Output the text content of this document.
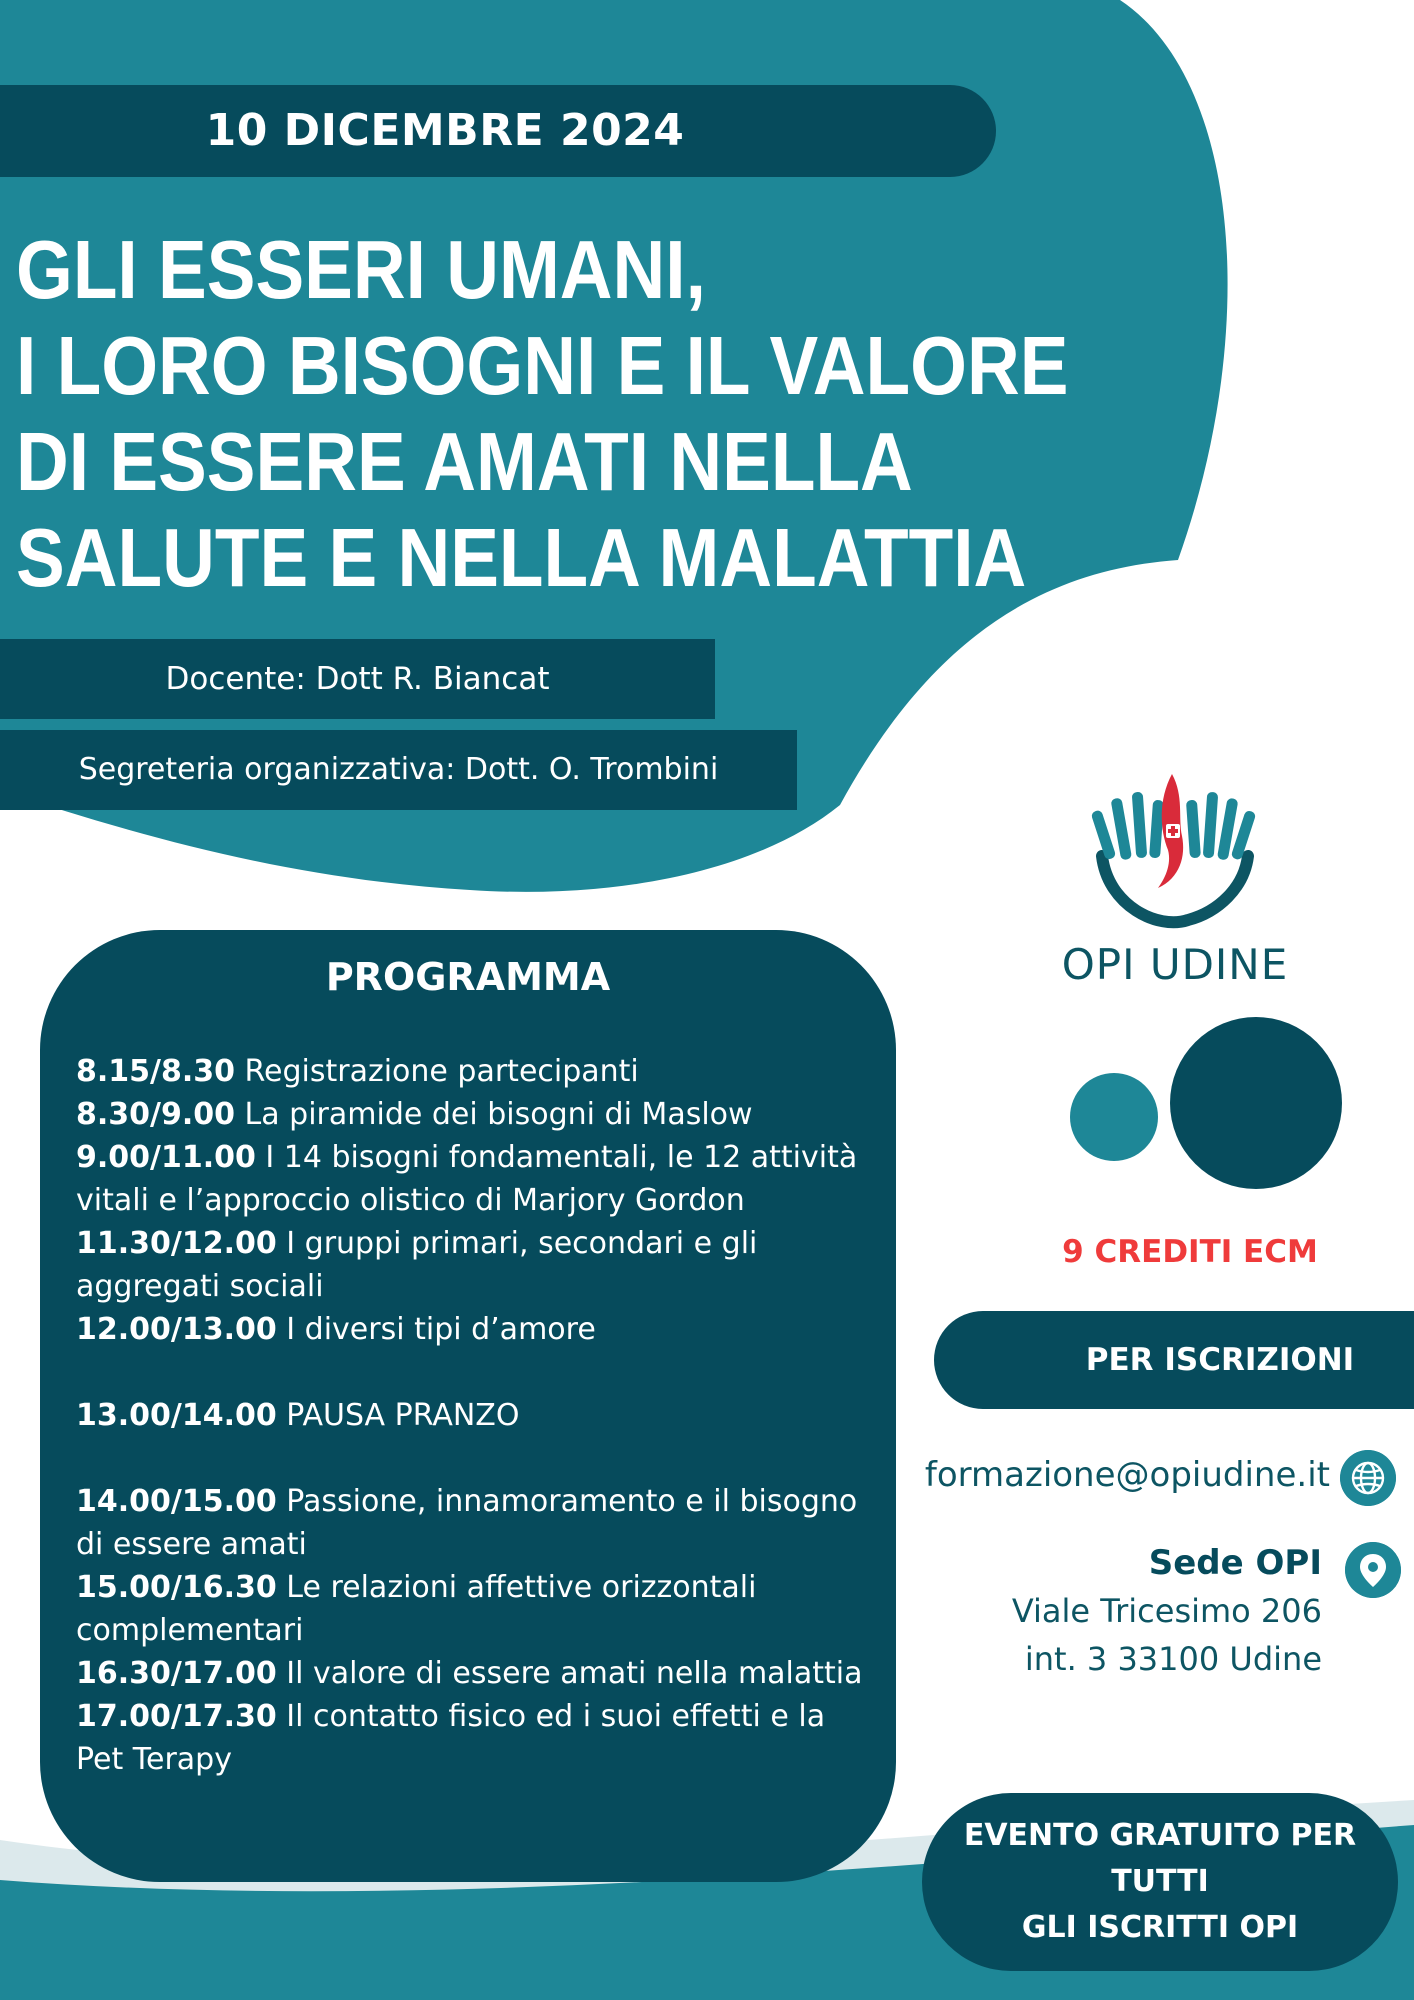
10 DICEMBRE 2024
GLI ESSERI UMANI,
I LORO BISOGNI E IL VALORE
DI ESSERE AMATI NELLA
SALUTE E NELLA MALATTIA
Docente: Dott R. Biancat
Segreteria organizzativa: Dott. O. Trombini
PROGRAMMA

8.15/8.30 Registrazione partecipanti

8.30/9.00 La piramide dei bisogni di Maslow

9.00/11.00 I 14 bisogni fondamentali, le 12 attività vitali e l’approccio olistico di Marjory Gordon

11.30/12.00 I gruppi primari, secondari e gli aggregati sociali

12.00/13.00 I diversi tipi d’amore

13.00/14.00 PAUSA PRANZO

14.00/15.00 Passione, innamoramento e il bisogno di essere amati

15.00/16.30 Le relazioni affettive orizzontali complementari

16.30/17.00 Il valore di essere amati nella malattia

17.00/17.30 Il contatto fisico ed i suoi effetti e la Pet Terapy

OPI UDINE
9 CREDITI ECM
PER ISCRIZIONI
formazione@opiudine.it
Sede OPI
Viale Tricesimo 206
int. 3 33100 Udine
EVENTO GRATUITO PER
TUTTI
GLI ISCRITTI OPI
